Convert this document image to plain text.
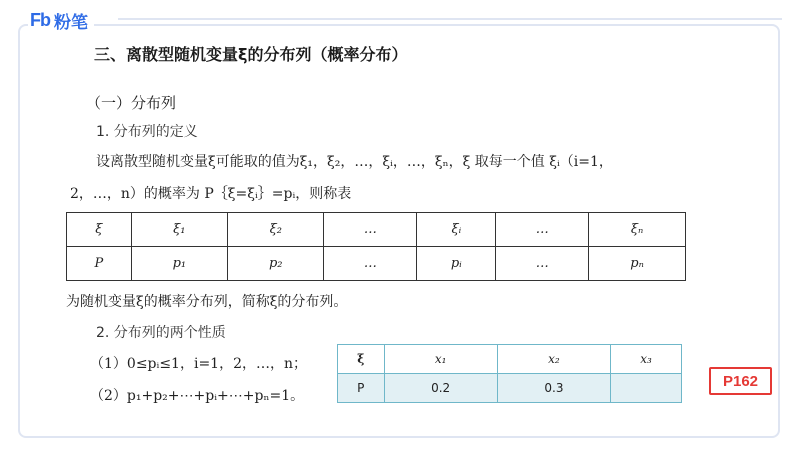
Fb 粉笔
三、离散型随机变量ξ的分布列（概率分布）
（一）分布列
1. 分布列的定义
设离散型随机变量ξ可能取的值为ξ₁，ξ₂，…，ξᵢ，…，ξₙ，ξ 取每一个值 ξᵢ（i=1，
2，…，n）的概率为 P｛ξ=ξᵢ｝=pᵢ，则称表
ξ	ξ₁	ξ₂	…	ξᵢ	…	ξₙ
P	p₁	p₂	…	pᵢ	…	pₙ
为随机变量ξ的概率分布列，简称ξ的分布列。
2. 分布列的两个性质
（1）0≤pᵢ≤1，i=1，2，…，n；
（2）p₁+p₂+⋯+pᵢ+⋯+pₙ=1。
ξ	x₁	x₂	x₃
P	0.2	0.3		P162
